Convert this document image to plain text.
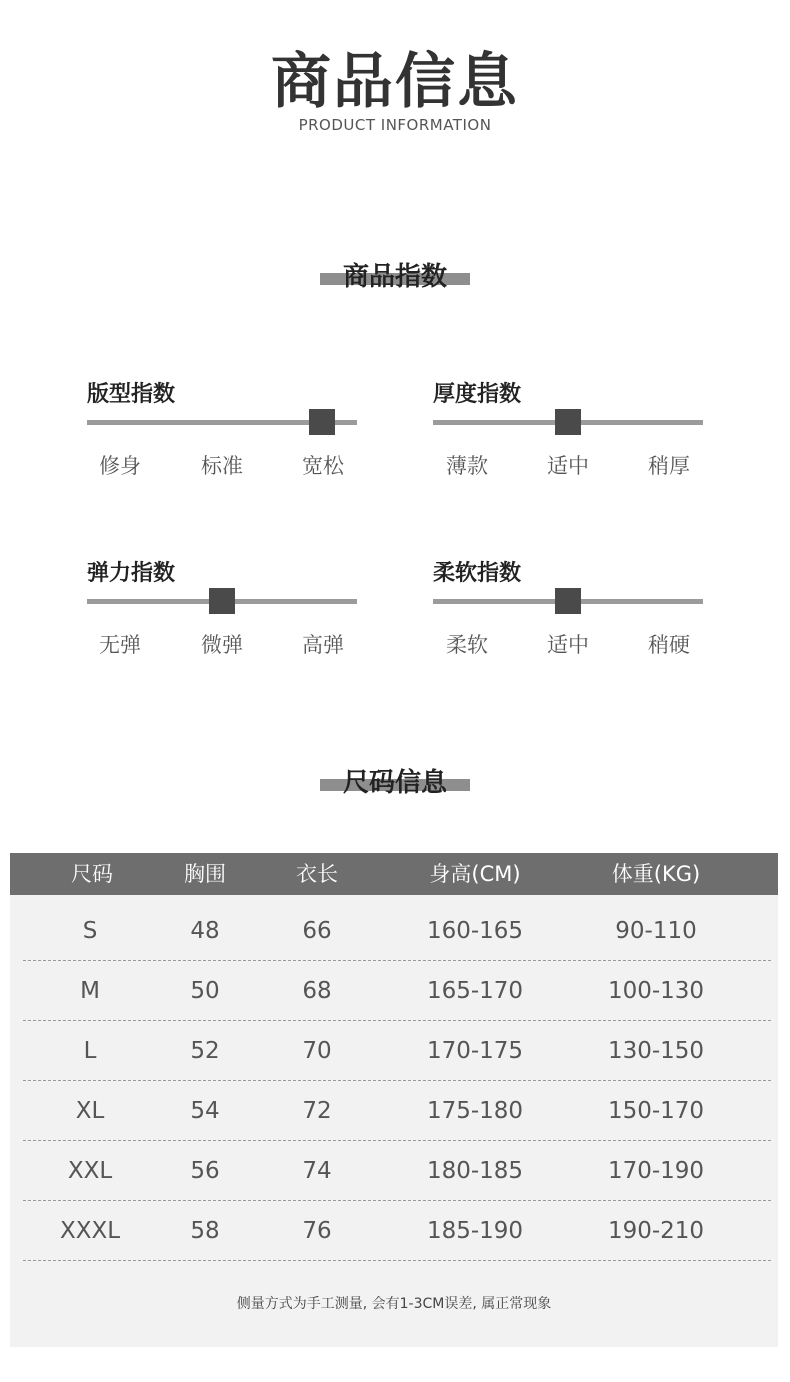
商品信息
PRODUCT INFORMATION
商品指数
版型指数
修身	标准	宽松
厚度指数
薄款	适中	稍厚
弹力指数
无弹	微弹	高弹
柔软指数
柔软	适中	稍硬
尺码信息
尺码	胸围	衣长	身高(CM)	体重(KG)
S	48	66	160-165	90-110
M	50	68	165-170	100-130
L	52	70	170-175	130-150
XL	54	72	175-180	150-170
XXL	56	74	180-185	170-190
XXXL	58	76	185-190	190-210
侧量方式为手工测量, 会有1-3CM误差, 属正常现象
